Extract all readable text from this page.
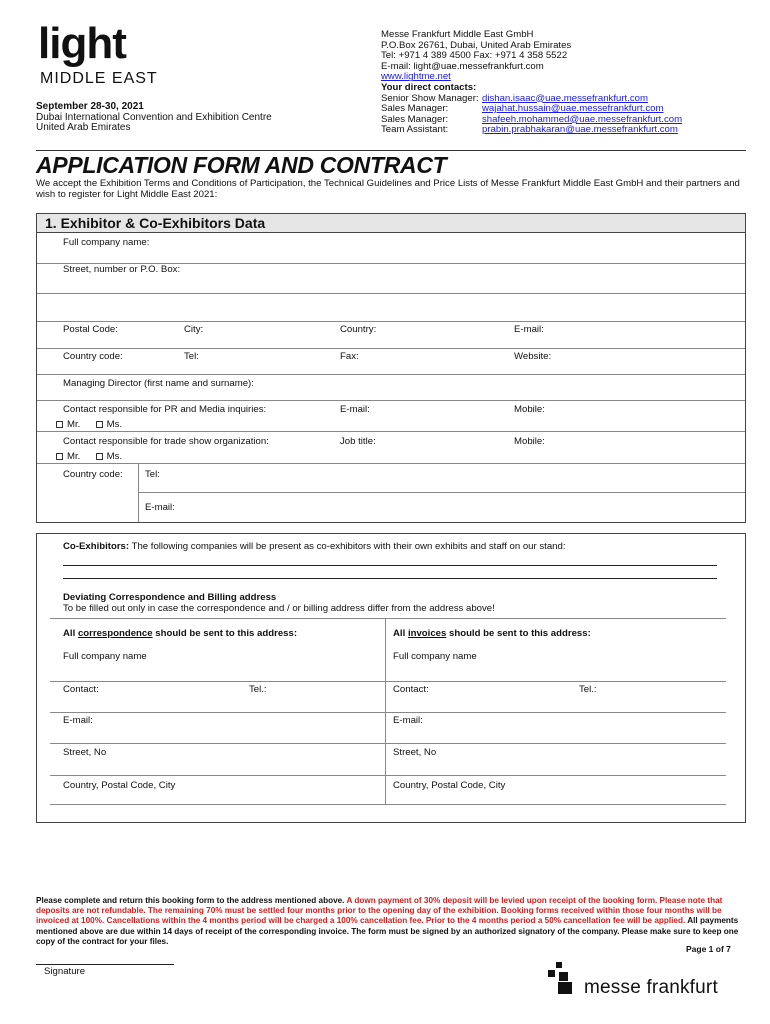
light
MIDDLE EAST
September 28-30, 2021
Dubai International Convention and Exhibition Centre
United Arab Emirates
Messe Frankfurt Middle East GmbH
P.O.Box 26761, Dubai, United Arab Emirates
Tel: +971 4 389 4500 Fax: +971 4 358 5522
E-mail: light@uae.messefrankfurt.com
www.lightme.net
Your direct contacts:
Senior Show Manager: dishan.isaac@uae.messefrankfurt.com
Sales Manager:	wajahat.hussain@uae.messefrankfurt.com
Sales Manager:	shafeeh.mohammed@uae.messefrankfurt.com
Team Assistant:	prabin.prabhakaran@uae.messefrankfurt.com
APPLICATION FORM AND CONTRACT
We accept the Exhibition Terms and Conditions of Participation, the Technical Guidelines and Price Lists of Messe Frankfurt Middle East GmbH and their partners and wish to register for Light Middle East 2021:
1. Exhibitor & Co-Exhibitors Data
Full company name:
Street, number or P.O. Box:
Postal Code:	City:	Country:	E-mail:
Country code:	Tel:	Fax:	Website:
Managing Director (first name and surname):
Contact responsible for PR and Media inquiries:	E-mail:	Mobile:
Mr.	Ms.
Contact responsible for trade show organization:	Job title:	Mobile:
Mr.	Ms.
Country code: Tel:
E-mail:
Co-Exhibitors: The following companies will be present as co-exhibitors with their own exhibits and staff on our stand:
Deviating Correspondence and Billing address
To be filled out only in case the correspondence and / or billing address differ from the address above!
All correspondence should be sent to this address:	All invoices should be sent to this address:
Full company name	Full company name
Contact:	Tel.:	Contact:	Tel.:
E-mail:	E-mail:
Street, No	Street, No
Country, Postal Code, City	Country, Postal Code, City
Please complete and return this booking form to the address mentioned above. A down payment of 30% deposit will be levied upon receipt of the booking form. Please note that deposits are not refundable. The remaining 70% must be settled four months prior to the opening day of the exhibition. Booking forms received within those four months will be invoiced at 100%. Cancellations within the 4 months period will be charged a 100% cancellation fee. Prior to the 4 months period a 50% cancellation fee will be applied. All payments mentioned above are due within 14 days of receipt of the corresponding invoice. The form must be signed by an authorized signatory of the company. Please make sure to keep one copy of the contract for your files.
Page 1 of 7
Signature
messe frankfurt
